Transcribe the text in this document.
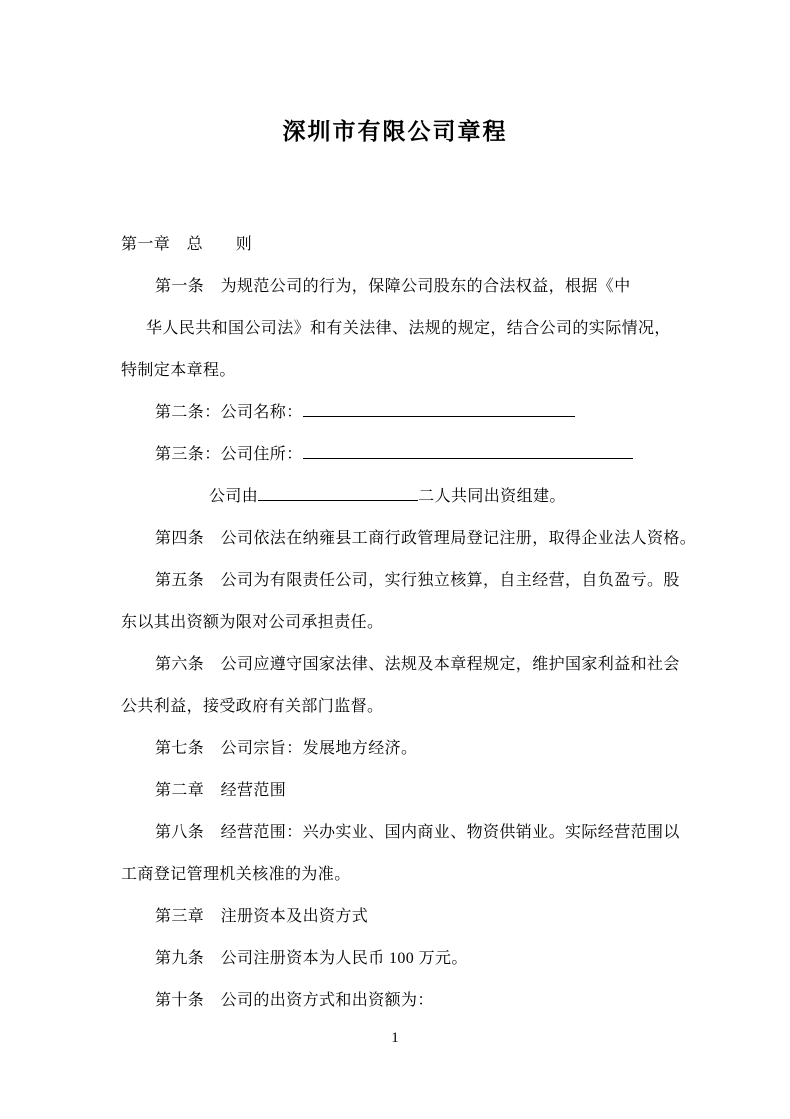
深圳市有限公司章程
第一章　总　　则
第一条　为规范公司的行为，保障公司股东的合法权益，根据《中
华人民共和国公司法》和有关法律、法规的规定，结合公司的实际情况，
特制定本章程。
第二条：公司名称：
第三条：公司住所：
公司由	二人共同出资组建。
第四条　公司依法在纳雍县工商行政管理局登记注册，取得企业法人资格。
第五条　公司为有限责任公司，实行独立核算，自主经营，自负盈亏。股
东以其出资额为限对公司承担责任。
第六条　公司应遵守国家法律、法规及本章程规定，维护国家利益和社会
公共利益，接受政府有关部门监督。
第七条　公司宗旨：发展地方经济。
第二章　经营范围
第八条　经营范围：兴办实业、国内商业、物资供销业。实际经营范围以
工商登记管理机关核准的为准。
第三章　注册资本及出资方式
第九条　公司注册资本为人民币 100 万元。
第十条　公司的出资方式和出资额为：
1
